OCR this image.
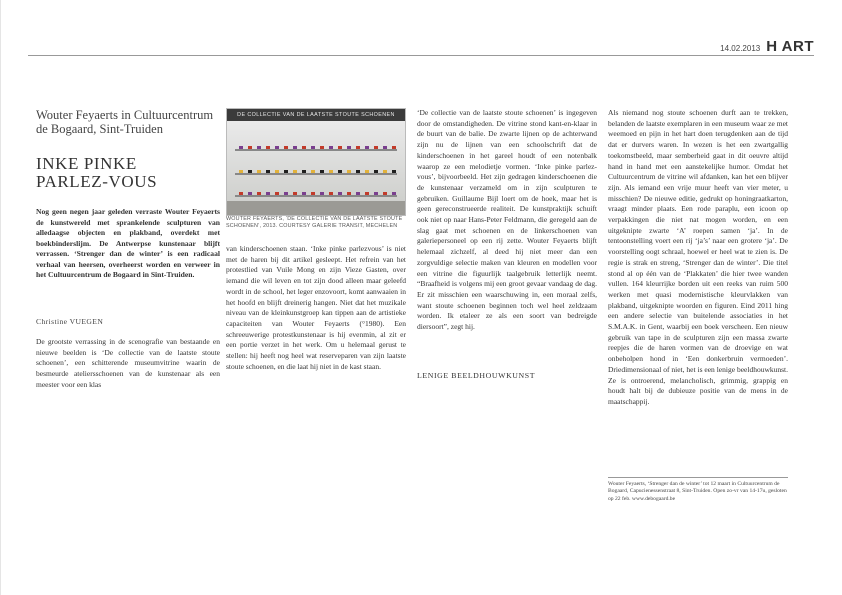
14.02.2013 H ART
Wouter Feyaerts in Cultuurcentrum de Bogaard, Sint-Truiden
INKE PINKE
PARLEZ-VOUS

Nog geen negen jaar geleden verraste Wouter Feyaerts de kunstwereld met sprankelende sculpturen van alledaagse objecten en plakband, overdekt met boekbinderslijm. De Antwerpse kunstenaar blijft verrassen. ‘Strenger dan de winter’ is een radicaal verhaal van heersen, overheerst worden en verweer in het Cultuurcentrum de Bogaard in Sint-Truiden.

Christine VUEGEN

De grootste verrassing in de scenografie van bestaande en nieuwe beelden is ‘De collectie van de laatste stoute schoenen’, een schitterende museumvitrine waarin de besmeurde ateliersschoenen van de kunstenaar als een meester voor een klas

DE COLLECTIE VAN DE LAATSTE STOUTE SCHOENEN
WOUTER FEYAERTS, ‘DE COLLECTIE VAN DE LAATSTE STOUTE SCHOENEN’, 2013. COURTESY GALERIE TRANSIT, MECHELEN

van kinderschoenen staan. ‘Inke pinke parlezvous’ is niet met de haren bij dit artikel gesleept. Het refrein van het protestlied van Vuile Mong en zijn Vieze Gasten, over iemand die wil leven en tot zijn dood alleen maar geleefd wordt in de school, het leger enzovoort, komt aanwaaien in het hoofd en blijft dreinerig hangen. Niet dat het muzikale niveau van de kleinkunstgroep kan tippen aan de artistieke capaciteiten van Wouter Feyaerts (°1980). Een schreeuwerige protestkunstenaar is hij evenmin, al zit er een portie verzet in het werk. Om u helemaal gerust te stellen: hij heeft nog heel wat reserveparen van zijn laatste stoute schoenen, en die laat hij niet in de kast staan.

‘De collectie van de laatste stoute schoenen’ is ingegeven door de omstandigheden. De vitrine stond kant-en-klaar in de buurt van de balie. De zwarte lijnen op de achterwand zijn nu de lijnen van een schoolschrift dat de kinderschoenen in het gareel houdt of een notenbalk waarop ze een melodietje vormen. ‘Inke pinke parlez-vous’, bijvoorbeeld. Het zijn gedragen kinderschoenen die de kunstenaar verzameld om in zijn sculpturen te gebruiken. Guillaume Bijl loert om de hoek, maar het is geen gereconstrueerde realiteit. De kunstpraktijk schuift ook niet op naar Hans-Peter Feldmann, die geregeld aan de slag gaat met schoenen en de linkerschoenen van galeriepersoneel op een rij zette. Wouter Feyaerts blijft helemaal zichzelf, al deed hij niet meer dan een zorgvuldige selectie maken van kleuren en modellen voor een vitrine die figuurlijk taalgebruik letterlijk neemt. “Braafheid is volgens mij een groot gevaar vandaag de dag. Er zit misschien een waarschuwing in, een moraal zelfs, want stoute schoenen beginnen toch wel heel zeldzaam worden. Ik etaleer ze als een soort van bedreigde diersoort”, zegt hij.

LENIGE BEELDHOUWKUNST

Als niemand nog stoute schoenen durft aan te trekken, belanden de laatste exemplaren in een museum waar ze met weemoed en pijn in het hart doen terugdenken aan de tijd dat er durvers waren. In wezen is het een zwartgallig toekomstbeeld, maar semberheid gaat in dit oeuvre altijd hand in hand met een aanstekelijke humor. Omdat het Cultuurcentrum de vitrine wil afdanken, kan het een blijver zijn. Als iemand een vrije muur heeft van vier meter, u misschien? De nieuwe editie, gedrukt op honingraatkarton, vraagt minder plaats. Een rode paraplu, een icoon op verpakkingen die niet nat mogen worden, en een uitgeknipte zwarte ‘A’ roepen samen ‘ja’. In de tentoonstelling voert een rij ‘ja’s’ naar een grotere ‘ja’. De voorstelling oogt schraal, hoewel er heel wat te zien is. De regie is strak en streng, ‘Strenger dan de winter’. Die titel stond al op één van de ‘Plakkaten’ die hier twee wanden vullen. 164 kleurrijke borden uit een reeks van ruim 500 werken met quasi modernistische kleurvlakken van plakband, uitgeknipte woorden en figuren. Eind 2011 hing een andere selectie van buitelende associaties in het S.M.A.K. in Gent, waarbij een boek verscheen. Een nieuw gebruik van tape in de sculpturen zijn een massa zwarte reepjes die de haren vormen van de droevige en wat onbeholpen hond in ‘Een donkerbruin vermoeden’. Driedimensionaal of niet, het is een lenige beeldhouwkunst. Ze is ontroerend, melancholisch, grimmig, grappig en houdt halt bij de dubieuze positie van de mens in de maatschappij.

Wouter Feyaerts, ‘Strenger dan de winter’ tot 12 maart in Cultuurcentrum de Bogaard, Capucienessenstraat 8, Sint-Truiden. Open zo-vr van 14-17u, gesloten op 22 feb. www.debogaard.be
